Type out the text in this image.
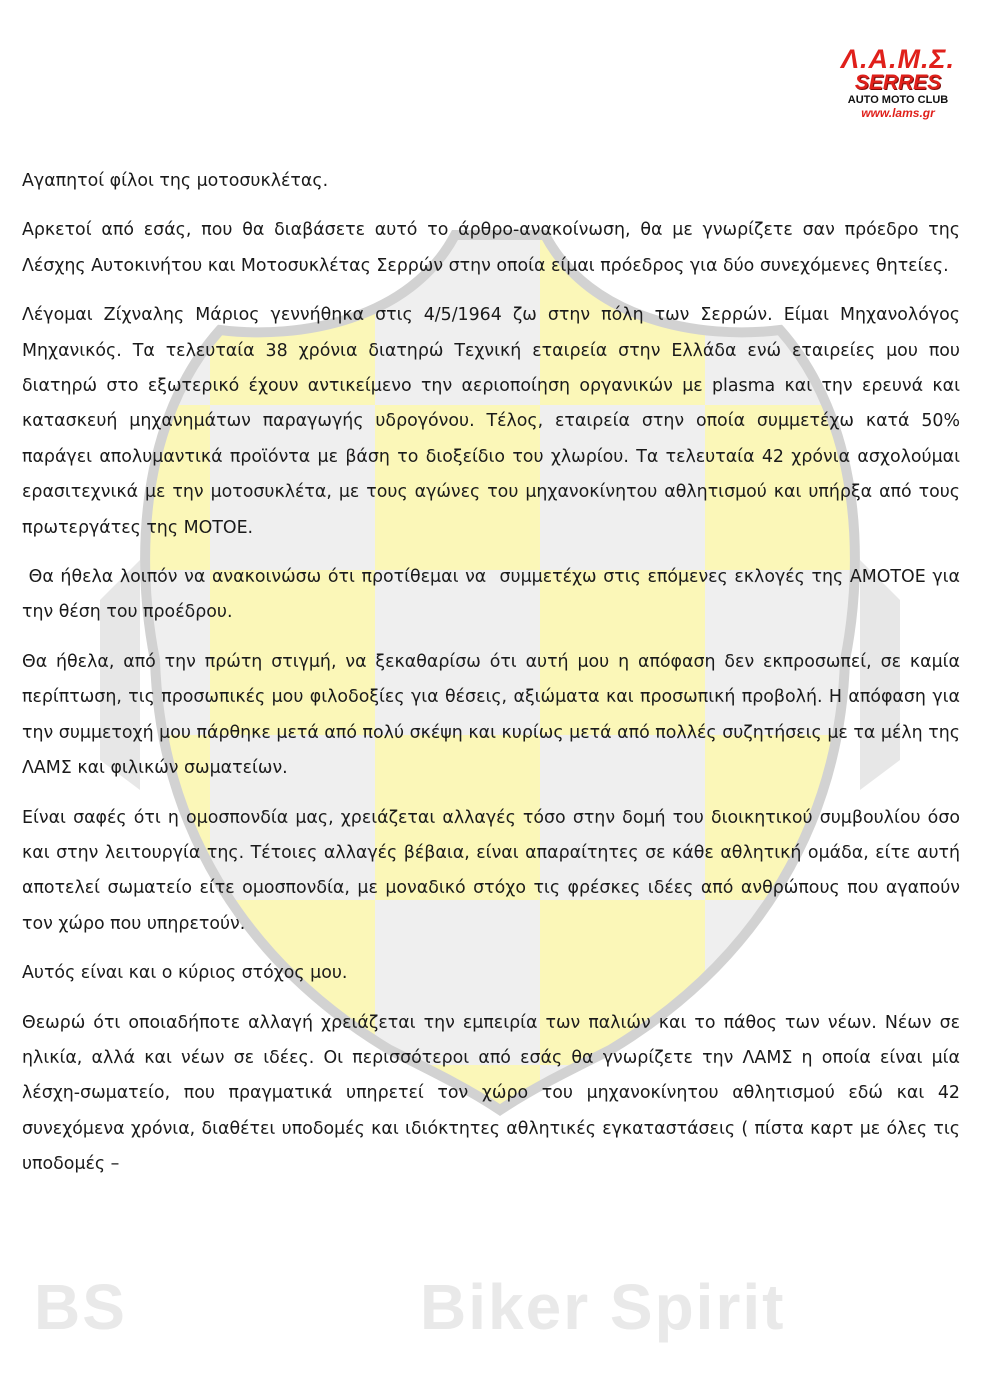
Λ.Α.Μ.Σ.
SERRES
AUTO MOTO CLUB
www.lams.gr
BS	Biker Spirit

Αγαπητοί φίλοι της μοτοσυκλέτας.

Αρκετοί από εσάς, που θα διαβάσετε αυτό το άρθρο-ανακοίνωση, θα με γνωρίζετε σαν πρόεδρο της Λέσχης Αυτοκινήτου και Μοτοσυκλέτας Σερρών στην οποία είμαι πρόεδρος για δύο συνεχόμενες θητείες.

Λέγομαι Ζίχναλης Μάριος γεννήθηκα στις 4/5/1964 ζω στην πόλη των Σερρών. Είμαι Μηχανολόγος Μηχανικός. Τα τελευταία 38 χρόνια διατηρώ Τεχνική εταιρεία στην Ελλάδα ενώ εταιρείες μου που διατηρώ στο εξωτερικό έχουν αντικείμενο την αεριοποίηση οργανικών με plasma και την ερευνά και κατασκευή μηχανημάτων παραγωγής υδρογόνου. Τέλος, εταιρεία στην οποία συμμετέχω κατά 50% παράγει απολυμαντικά προϊόντα με βάση το διοξείδιο του χλωρίου. Τα τελευταία 42 χρόνια ασχολούμαι ερασιτεχνικά με την μοτοσυκλέτα, με τους αγώνες του μηχανοκίνητου αθλητισμού και υπήρξα από τους πρωτεργάτες της ΜΟΤΟΕ.

Θα ήθελα λοιπόν να ανακοινώσω ότι προτίθεμαι να  συμμετέχω στις επόμενες εκλογές της ΑΜΟΤΟΕ για την θέση του προέδρου.

Θα ήθελα, από την πρώτη στιγμή, να ξεκαθαρίσω ότι αυτή μου η απόφαση δεν εκπροσωπεί, σε καμία περίπτωση, τις προσωπικές μου φιλοδοξίες για θέσεις, αξιώματα και προσωπική προβολή. Η απόφαση για την συμμετοχή μου πάρθηκε μετά από πολύ σκέψη και κυρίως μετά από πολλές συζητήσεις με τα μέλη της ΛΑΜΣ και φιλικών σωματείων.

Είναι σαφές ότι η ομοσπονδία μας, χρειάζεται αλλαγές τόσο στην δομή του διοικητικού συμβουλίου όσο και στην λειτουργία της. Τέτοιες αλλαγές βέβαια, είναι απαραίτητες σε κάθε αθλητική ομάδα, είτε αυτή αποτελεί σωματείο είτε ομοσπονδία, με μοναδικό στόχο τις φρέσκες ιδέες από ανθρώπους που αγαπούν τον χώρο που υπηρετούν.

Αυτός είναι και ο κύριος στόχος μου.

Θεωρώ ότι οποιαδήποτε αλλαγή χρειάζεται την εμπειρία των παλιών και το πάθος των νέων. Νέων σε ηλικία, αλλά και νέων σε ιδέες. Οι περισσότεροι από εσάς θα γνωρίζετε την ΛΑΜΣ η οποία είναι μία λέσχη-σωματείο, που πραγματικά υπηρετεί τον χώρο του μηχανοκίνητου αθλητισμού εδώ και 42 συνεχόμενα χρόνια, διαθέτει υποδομές και ιδιόκτητες αθλητικές εγκαταστάσεις ( πίστα καρτ με όλες τις υποδομές –
